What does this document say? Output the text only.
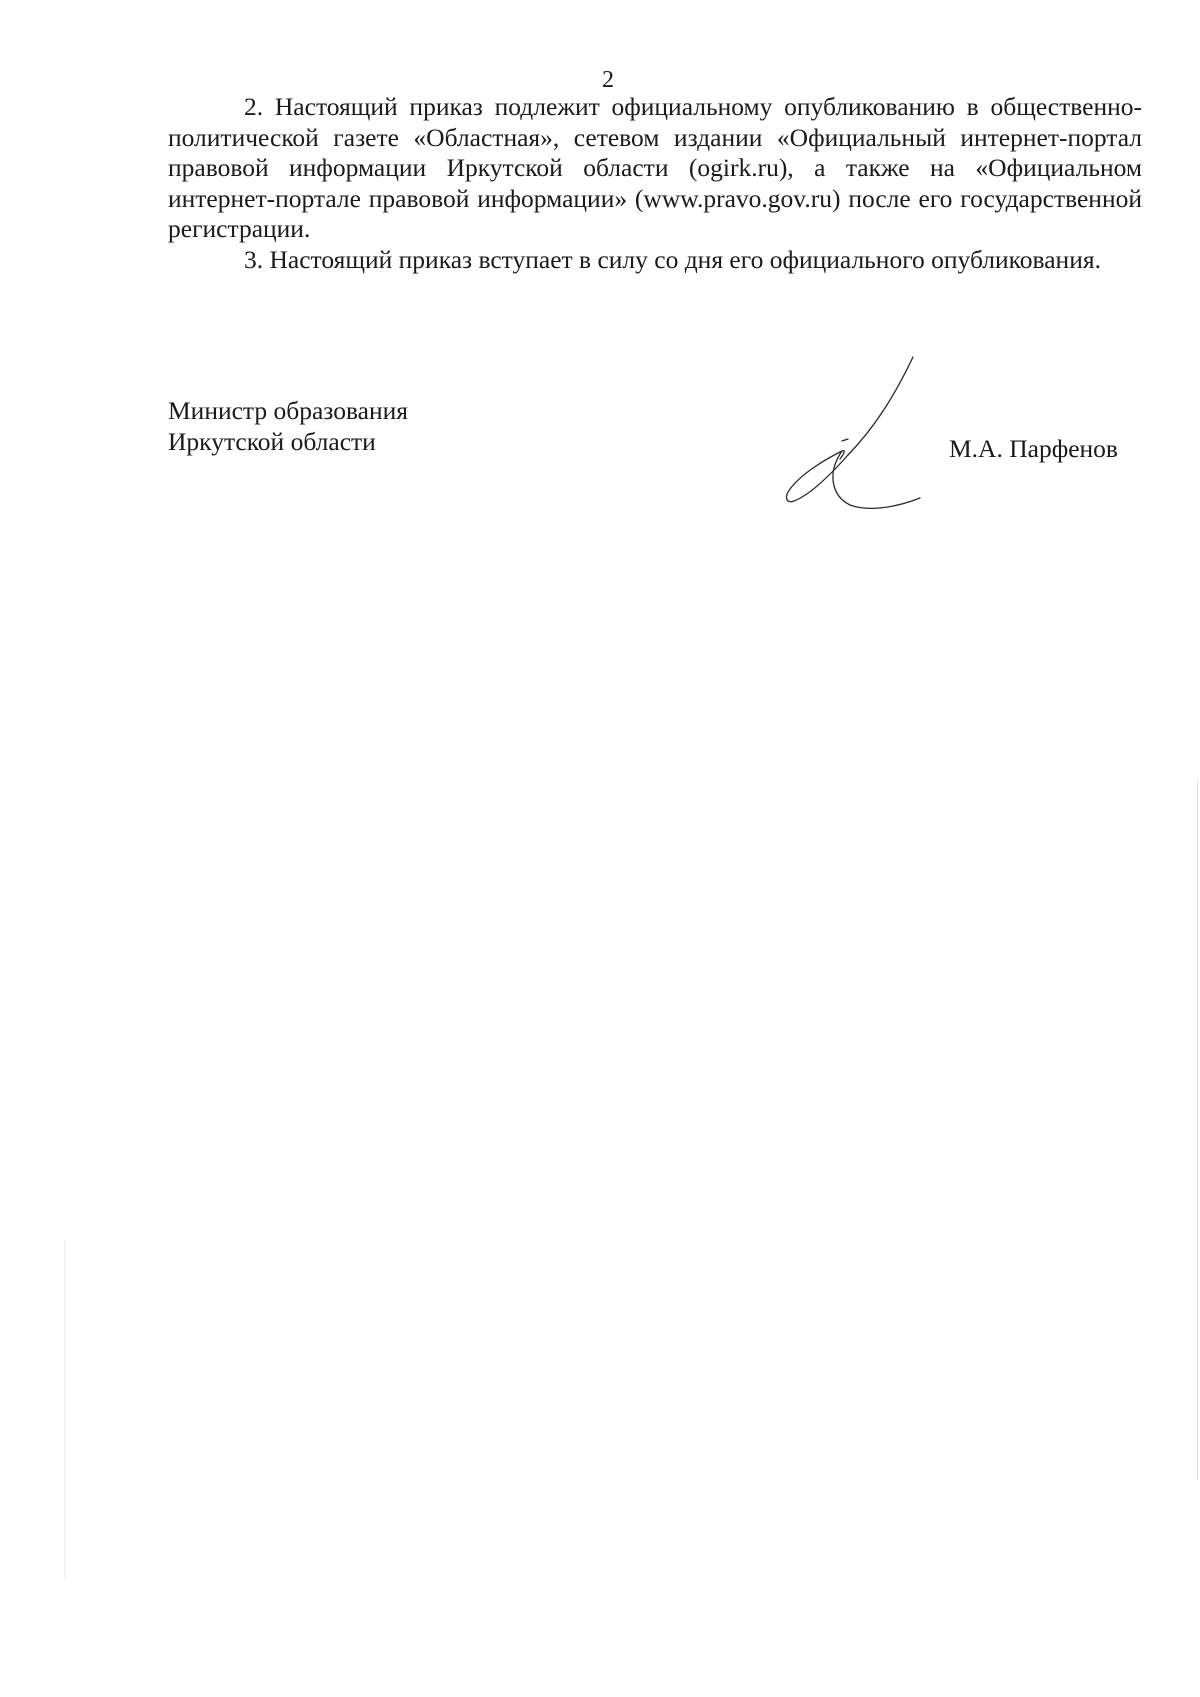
2

2. Настоящий приказ подлежит официальному опубликованию в общественно-политической газете «Областная», сетевом издании «Официальный интернет-портал правовой информации Иркутской области (ogirk.ru), а также на «Официальном интернет-портале правовой информации» (www.pravo.gov.ru) после его государственной регистрации.

3. Настоящий приказ вступает в силу со дня его официального опубликования.

Министр образования
Иркутской области	М.А. Парфенов
